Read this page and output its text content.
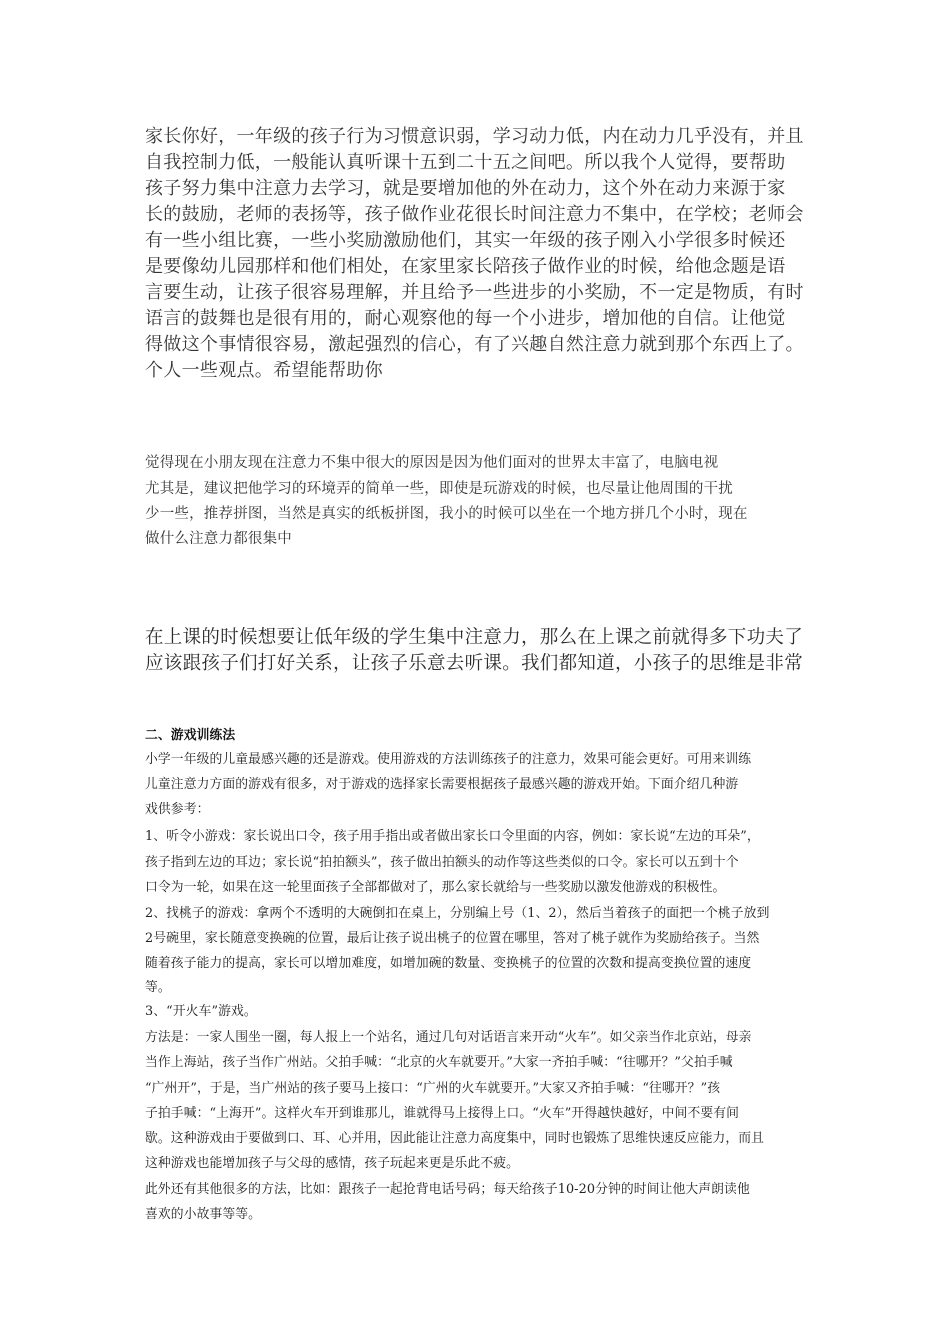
家长你好，一年级的孩子行为习惯意识弱，学习动力低，内在动力几乎没有，并且
自我控制力低，一般能认真听课十五到二十五之间吧。所以我个人觉得，要帮助
孩子努力集中注意力去学习，就是要增加他的外在动力，这个外在动力来源于家
长的鼓励，老师的表扬等，孩子做作业花很长时间注意力不集中，在学校；老师会
有一些小组比赛，一些小奖励激励他们，其实一年级的孩子刚入小学很多时候还
是要像幼儿园那样和他们相处，在家里家长陪孩子做作业的时候，给他念题是语
言要生动，让孩子很容易理解，并且给予一些进步的小奖励，不一定是物质，有时
语言的鼓舞也是很有用的，耐心观察他的每一个小进步，增加他的自信。让他觉
得做这个事情很容易，激起强烈的信心，有了兴趣自然注意力就到那个东西上了。
个人一些观点。希望能帮助你
觉得现在小朋友现在注意力不集中很大的原因是因为他们面对的世界太丰富了，电脑电视
尤其是，建议把他学习的环境弄的简单一些，即使是玩游戏的时候，也尽量让他周围的干扰
少一些，推荐拼图，当然是真实的纸板拼图，我小的时候可以坐在一个地方拼几个小时，现在
做什么注意力都很集中
在上课的时候想要让低年级的学生集中注意力，那么在上课之前就得多下功夫了
应该跟孩子们打好关系，让孩子乐意去听课。我们都知道，小孩子的思维是非常
二、游戏训练法
小学一年级的儿童最感兴趣的还是游戏。使用游戏的方法训练孩子的注意力，效果可能会更好。可用来训练
儿童注意力方面的游戏有很多，对于游戏的选择家长需要根据孩子最感兴趣的游戏开始。下面介绍几种游
戏供参考：
1、听令小游戏：家长说出口令，孩子用手指出或者做出家长口令里面的内容，例如：家长说“左边的耳朵”，
孩子指到左边的耳边；家长说“拍拍额头”，孩子做出拍额头的动作等这些类似的口令。家长可以五到十个
口令为一轮，如果在这一轮里面孩子全部都做对了，那么家长就给与一些奖励以激发他游戏的积极性。
2、找桃子的游戏：拿两个不透明的大碗倒扣在桌上，分别编上号（1、2），然后当着孩子的面把一个桃子放到
2号碗里，家长随意变换碗的位置，最后让孩子说出桃子的位置在哪里，答对了桃子就作为奖励给孩子。当然
随着孩子能力的提高，家长可以增加难度，如增加碗的数量、变换桃子的位置的次数和提高变换位置的速度
等。
3、“开火车”游戏。
方法是：一家人围坐一圈，每人报上一个站名，通过几句对话语言来开动“火车”。如父亲当作北京站，母亲
当作上海站，孩子当作广州站。父拍手喊：“北京的火车就要开。”大家一齐拍手喊：“往哪开？”父拍手喊
“广州开”，于是，当广州站的孩子要马上接口：“广州的火车就要开。”大家又齐拍手喊：“往哪开？”孩
子拍手喊：“上海开”。这样火车开到谁那儿，谁就得马上接得上口。“火车”开得越快越好，中间不要有间
歇。这种游戏由于要做到口、耳、心并用，因此能让注意力高度集中，同时也锻炼了思维快速反应能力，而且
这种游戏也能增加孩子与父母的感情，孩子玩起来更是乐此不疲。
此外还有其他很多的方法，比如：跟孩子一起抢背电话号码；每天给孩子10-20分钟的时间让他大声朗读他
喜欢的小故事等等。
